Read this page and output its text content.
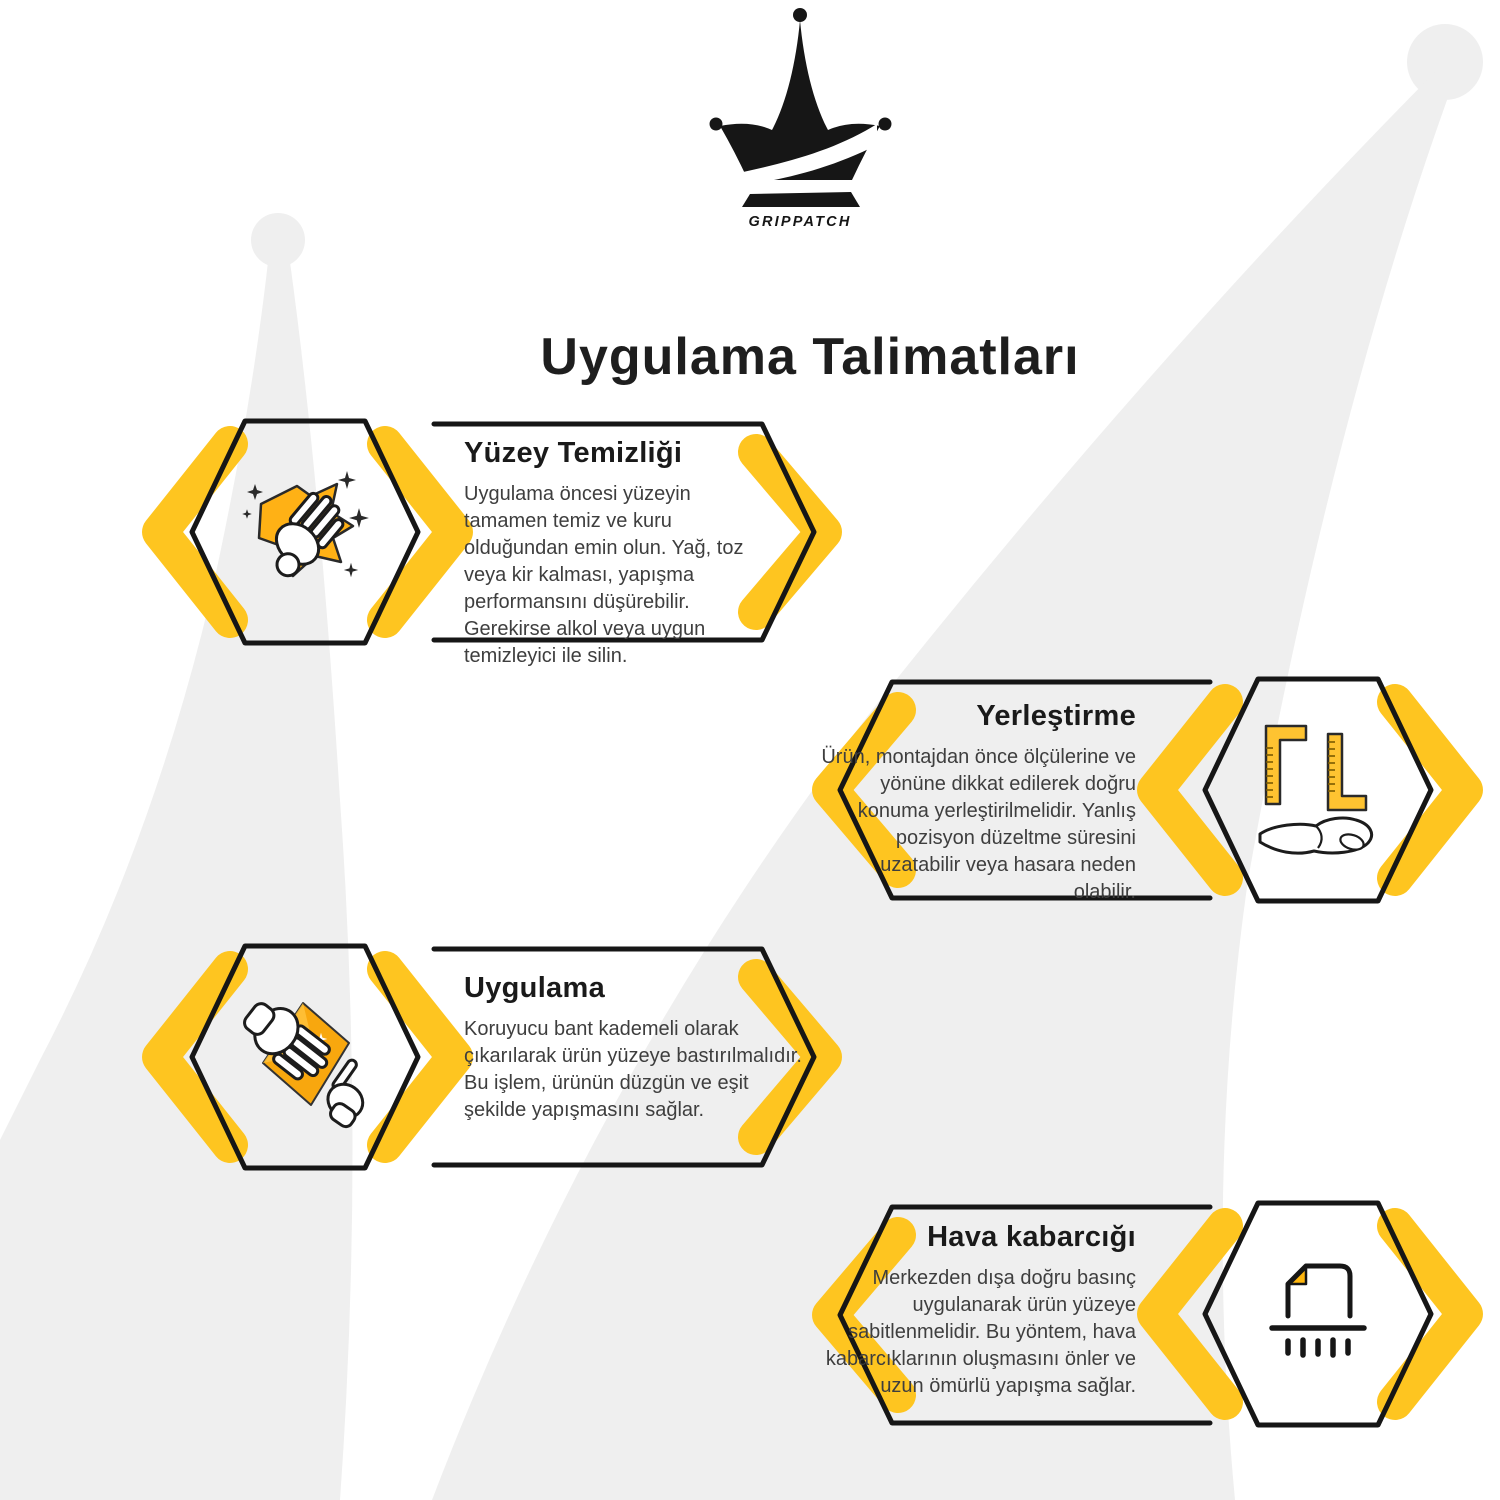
GRIPPATCH
Uygulama Talimatları
Yüzey Temizliği

Uygulama öncesi yüzeyin tamamen temiz ve kuru olduğundan emin olun. Yağ, toz veya kir kalması, yapışma performansını düşürebilir. Gerekirse alkol veya uygun temizleyici ile silin.

Yerleştirme

Ürün, montajdan önce ölçülerine ve yönüne dikkat edilerek doğru konuma yerleştirilmelidir. Yanlış pozisyon düzeltme süresini uzatabilir veya hasara neden olabilir.

Uygulama

Koruyucu bant kademeli olarak çıkarılarak ürün yüzeye bastırılmalıdır. Bu işlem, ürünün düzgün ve eşit şekilde yapışmasını sağlar.

Hava kabarcığı

Merkezden dışa doğru basınç uygulanarak ürün yüzeye sabitlenmelidir. Bu yöntem, hava kabarcıklarının oluşmasını önler ve uzun ömürlü yapışma sağlar.
